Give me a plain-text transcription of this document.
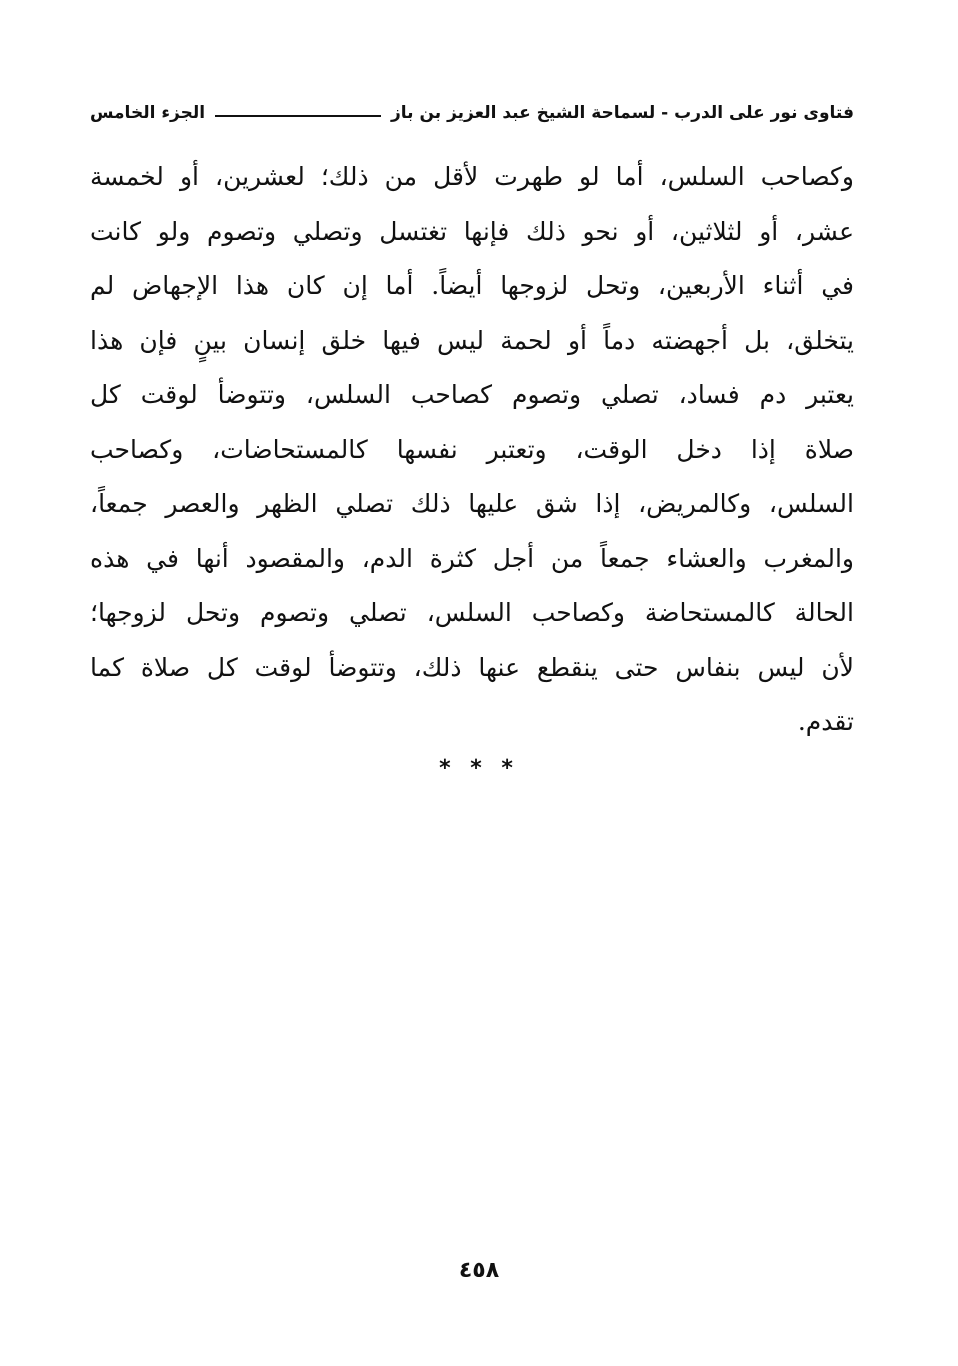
فتاوى نور على الدرب - لسماحة الشيخ عبد العزيز بن باز
الجزء الخامس
وكصاحب السلس، أما لو طهرت لأقل من ذلك؛ لعشرين، أو لخمسة
عشر، أو لثلاثين، أو نحو ذلك فإنها تغتسل وتصلي وتصوم ولو كانت
في أثناء الأربعين، وتحل لزوجها أيضاً. أما إن كان هذا الإجهاض لم
يتخلق، بل أجهضته دماً أو لحمة ليس فيها خلق إنسان بينٍ فإن هذا
يعتبر دم فساد، تصلي وتصوم كصاحب السلس، وتتوضأ لوقت كل
صلاة إذا دخل الوقت، وتعتبر نفسها كالمستحاضات، وكصاحب
السلس، وكالمريض، إذا شق عليها ذلك تصلي الظهر والعصر جمعاً،
والمغرب والعشاء جمعاً من أجل كثرة الدم، والمقصود أنها في هذه
الحالة كالمستحاضة وكصاحب السلس، تصلي وتصوم وتحل لزوجها؛
لأن ليس بنفاس حتى ينقطع عنها ذلك، وتتوضأ لوقت كل صلاة كما
تقدم.
* * *
٤٥٨
